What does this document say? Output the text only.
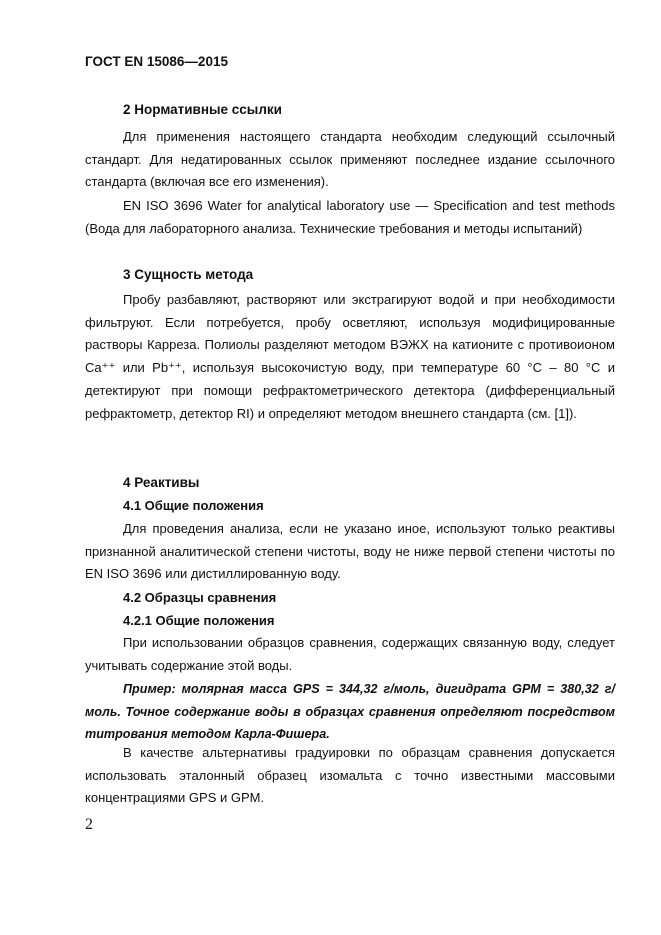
ГОСТ EN 15086—2015
2 Нормативные ссылки
Для применения настоящего стандарта необходим следующий ссылочный стандарт. Для недатированных ссылок применяют последнее издание ссылочного стандарта (включая все его изменения).
EN ISO 3696 Water for analytical laboratory use — Specification and test methods (Вода для лабораторного анализа. Технические требования и методы испытаний)
3 Сущность метода
Пробу разбавляют, растворяют или экстрагируют водой и при необходимости фильтруют. Если потребуется, пробу осветляют, используя модифицированные растворы Карреза. Полиолы разделяют методом ВЭЖХ на катионите с противоионом Ca⁺⁺ или Pb⁺⁺, используя высокочистую воду, при температуре 60 °C – 80 °C и детектируют при помощи рефрактометрического детектора (дифференциальный рефрактометр, детектор RI) и определяют методом внешнего стандарта (см. [1]).
4 Реактивы
4.1 Общие положения
Для проведения анализа, если не указано иное, используют только реактивы признанной аналитической степени чистоты, воду не ниже первой степени чистоты по EN ISO 3696 или дистиллированную воду.
4.2 Образцы сравнения
4.2.1 Общие положения
При использовании образцов сравнения, содержащих связанную воду, следует учитывать содержание этой воды.
Пример: молярная масса GPS = 344,32 г/моль, дигидрата GPM = 380,32 г/моль. Точное содержание воды в образцах сравнения определяют посредством титрования методом Карла-Фишера.
В качестве альтернативы градуировки по образцам сравнения допускается использовать эталонный образец изомальта с точно известными массовыми концентрациями GPS и GPM.
2
